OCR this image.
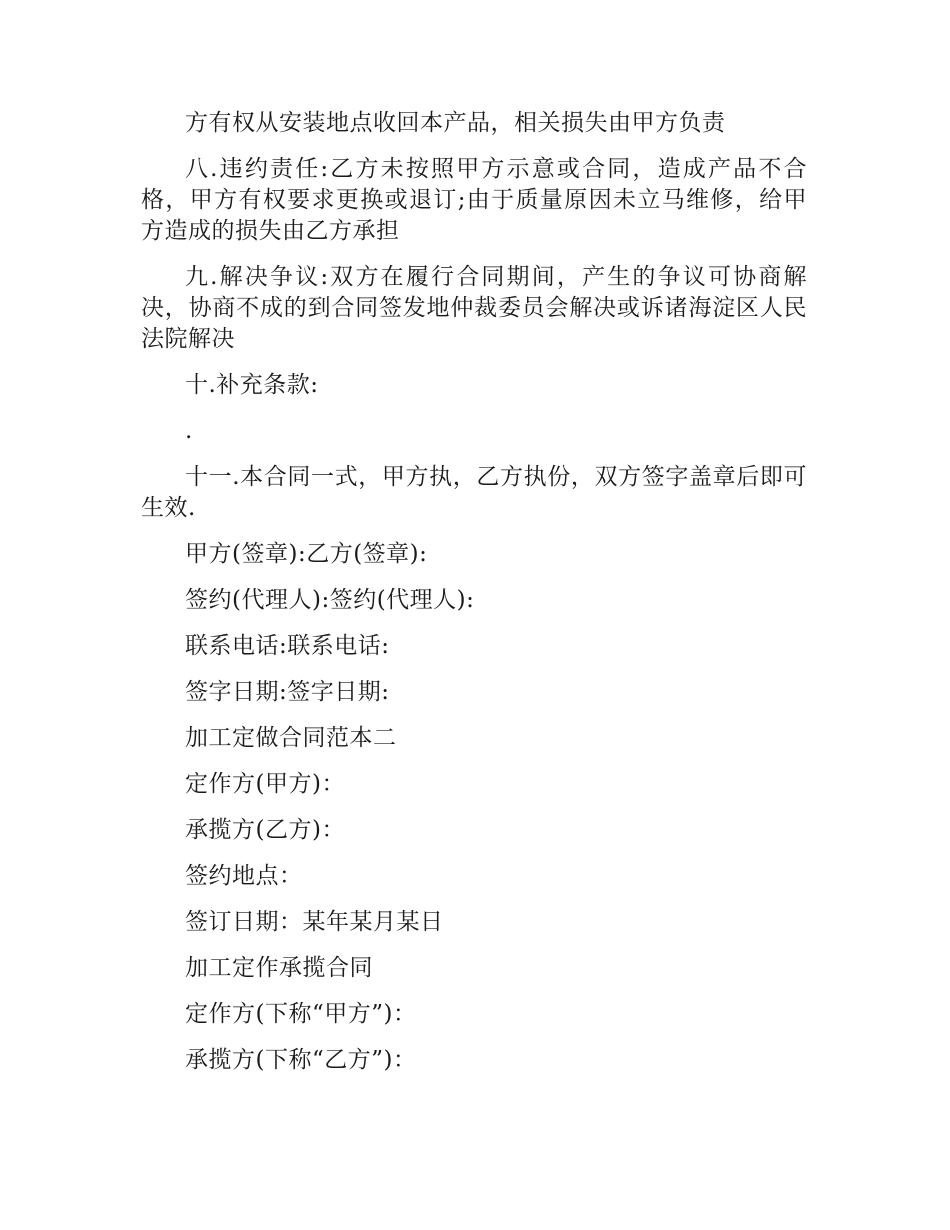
方有权从安装地点收回本产品，相关损失由甲方负责

八.违约责任:乙方未按照甲方示意或合同，造成产品不合格，甲方有权要求更换或退订;由于质量原因未立马维修，给甲方造成的损失由乙方承担

九.解决争议:双方在履行合同期间，产生的争议可协商解决，协商不成的到合同签发地仲裁委员会解决或诉诸海淀区人民法院解决

十.补充条款:

.

十一.本合同一式，甲方执，乙方执份，双方签字盖章后即可生效.

甲方(签章):乙方(签章):

签约(代理人):签约(代理人):

联系电话:联系电话:

签字日期:签字日期:

加工定做合同范本二

定作方(甲方)：

承揽方(乙方)：

签约地点：

签订日期：某年某月某日

加工定作承揽合同

定作方(下称“甲方”)：

承揽方(下称“乙方”)：
